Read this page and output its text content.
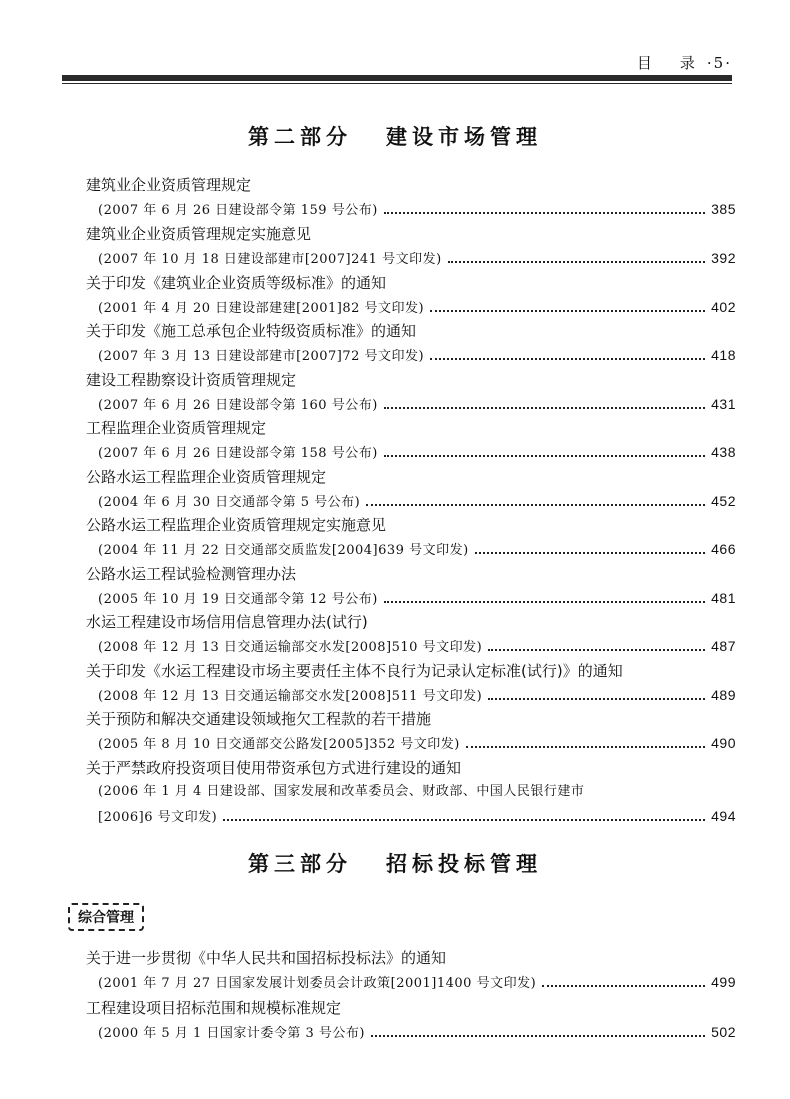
目 录 ·5·
第二部分 建设市场管理
建筑业企业资质管理规定
(2007 年 6 月 26 日建设部令第 159 号公布)	385
建筑业企业资质管理规定实施意见
(2007 年 10 月 18 日建设部建市[2007]241 号文印发)	392
关于印发《建筑业企业资质等级标准》的通知
(2001 年 4 月 20 日建设部建建[2001]82 号文印发)	402
关于印发《施工总承包企业特级资质标准》的通知
(2007 年 3 月 13 日建设部建市[2007]72 号文印发)	418
建设工程勘察设计资质管理规定
(2007 年 6 月 26 日建设部令第 160 号公布)	431
工程监理企业资质管理规定
(2007 年 6 月 26 日建设部令第 158 号公布)	438
公路水运工程监理企业资质管理规定
(2004 年 6 月 30 日交通部令第 5 号公布)	452
公路水运工程监理企业资质管理规定实施意见
(2004 年 11 月 22 日交通部交质监发[2004]639 号文印发)	466
公路水运工程试验检测管理办法
(2005 年 10 月 19 日交通部令第 12 号公布)	481
水运工程建设市场信用信息管理办法(试行)
(2008 年 12 月 13 日交通运输部交水发[2008]510 号文印发)	487
关于印发《水运工程建设市场主要责任主体不良行为记录认定标准(试行)》的通知
(2008 年 12 月 13 日交通运输部交水发[2008]511 号文印发)	489
关于预防和解决交通建设领域拖欠工程款的若干措施
(2005 年 8 月 10 日交通部交公路发[2005]352 号文印发)	490
关于严禁政府投资项目使用带资承包方式进行建设的通知
(2006 年 1 月 4 日建设部、国家发展和改革委员会、财政部、中国人民银行建市
[2006]6 号文印发)	494
第三部分 招标投标管理
综合管理
关于进一步贯彻《中华人民共和国招标投标法》的通知
(2001 年 7 月 27 日国家发展计划委员会计政策[2001]1400 号文印发)	499
工程建设项目招标范围和规模标准规定
(2000 年 5 月 1 日国家计委令第 3 号公布)	502
